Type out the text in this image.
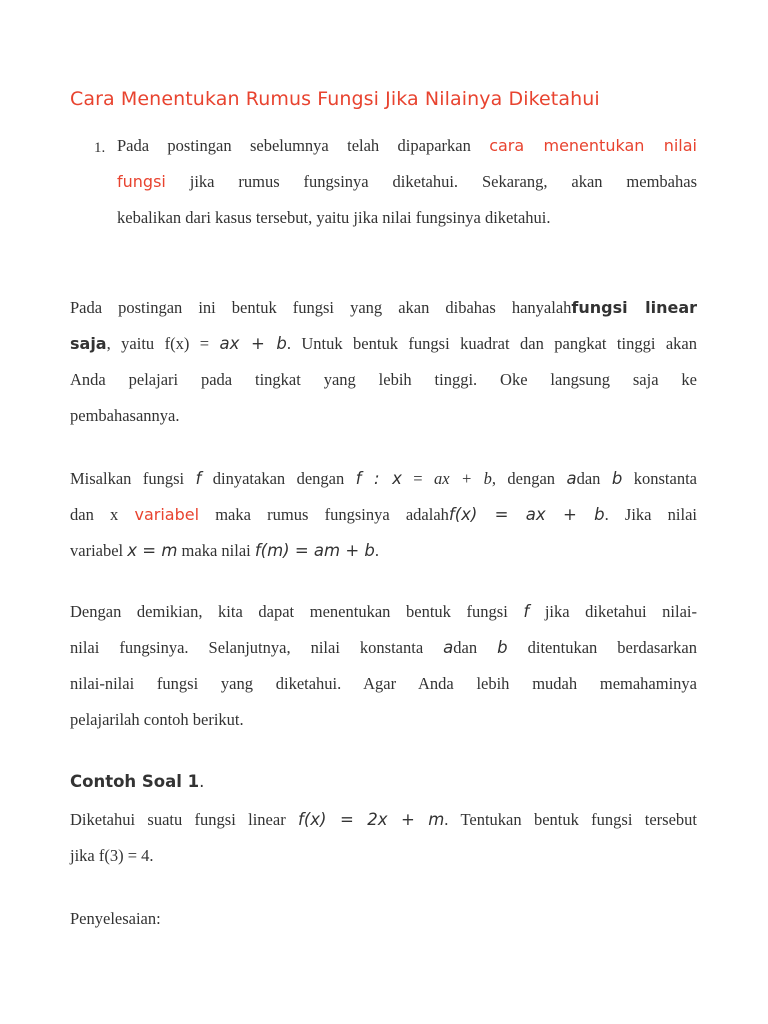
Cara Menentukan Rumus Fungsi Jika Nilainya Diketahui
1. Pada postingan sebelumnya telah dipaparkan cara menentukan nilai
fungsi jika rumus fungsinya diketahui. Sekarang, akan membahas
kebalikan dari kasus tersebut, yaitu jika nilai fungsinya diketahui.
Pada postingan ini bentuk fungsi yang akan dibahas hanyalahfungsi linear
saja, yaitu f(x) = ax + b. Untuk bentuk fungsi kuadrat dan pangkat tinggi akan
Anda pelajari pada tingkat yang lebih tinggi. Oke langsung saja ke
pembahasannya.
Misalkan fungsi f dinyatakan dengan f : x = ax + b, dengan adan b konstanta
dan x variabel maka rumus fungsinya adalahf(x) = ax + b. Jika nilai
variabel x = m maka nilai f(m) = am + b.
Dengan demikian, kita dapat menentukan bentuk fungsi f jika diketahui nilai-
nilai fungsinya. Selanjutnya, nilai konstanta adan b ditentukan berdasarkan
nilai-nilai fungsi yang diketahui. Agar Anda lebih mudah memahaminya
pelajarilah contoh berikut.
Contoh Soal 1.
Diketahui suatu fungsi linear f(x) = 2x + m. Tentukan bentuk fungsi tersebut
jika f(3) = 4.
Penyelesaian:
